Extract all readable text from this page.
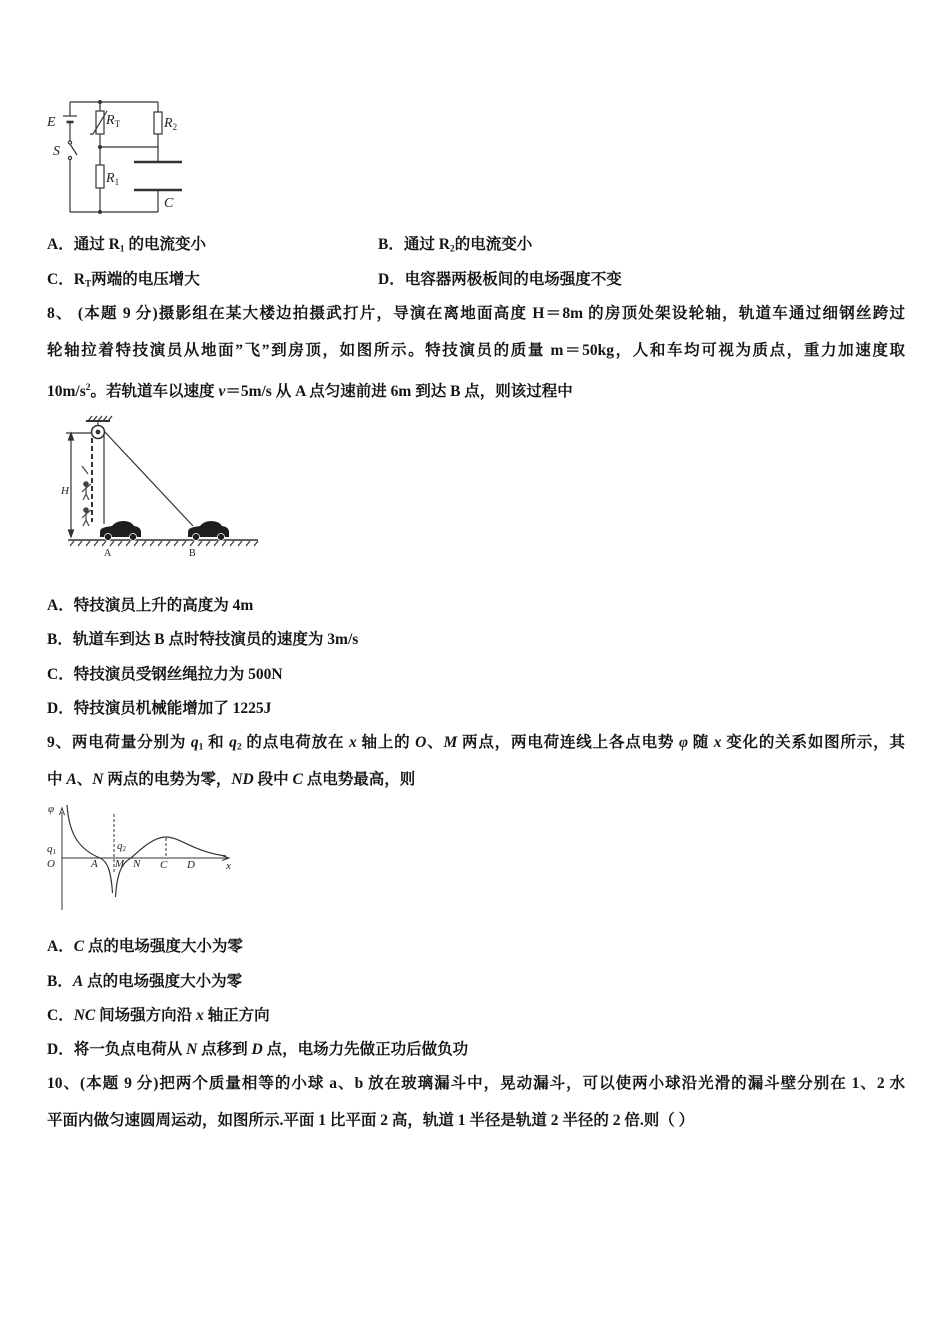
E
S
$R_T$	$R_2$
$R_1$
C
A．通过 R1 的电流变小	B．通过 R2的电流变小
C．RT两端的电压增大	D．电容器两极板间的电场强度不变
8、 (本题 9 分)摄影组在某大楼边拍摄武打片，导演在离地面高度 H＝8m 的房顶处架设轮轴，轨道车通过细钢丝跨过
轮轴拉着特技演员从地面”飞”到房顶，如图所示。特技演员的质量 m＝50kg，人和车均可视为质点，重力加速度取
$10m/s^2$。若轨道车以速度 v＝5m/s 从 A 点匀速前进 6m 到达 B 点，则该过程中
H
A	B
A．特技演员上升的高度为 4m
B．轨道车到达 B 点时特技演员的速度为 3m/s
C．特技演员受钢丝绳拉力为 500N
D．特技演员机械能增加了 1225J
9、两电荷量分别为 q1 和 q2 的点电荷放在 x 轴上的 O、M 两点，两电荷连线上各点电势 φ 随 x 变化的关系如图所示，其
中 A、N 两点的电势为零，ND 段中 C 点电势最高，则
φ
q1
O	A
q2
M N C D	x
A．C 点的电场强度大小为零
B．A 点的电场强度大小为零
C．NC 间场强方向沿 x 轴正方向
D．将一负点电荷从 N 点移到 D 点，电场力先做正功后做负功
10、(本题 9 分)把两个质量相等的小球 a、b 放在玻璃漏斗中，晃动漏斗，可以使两小球沿光滑的漏斗壁分别在 1、2 水
平面内做匀速圆周运动，如图所示.平面 1 比平面 2 高，轨道 1 半径是轨道 2 半径的 2 倍.则（ ）
